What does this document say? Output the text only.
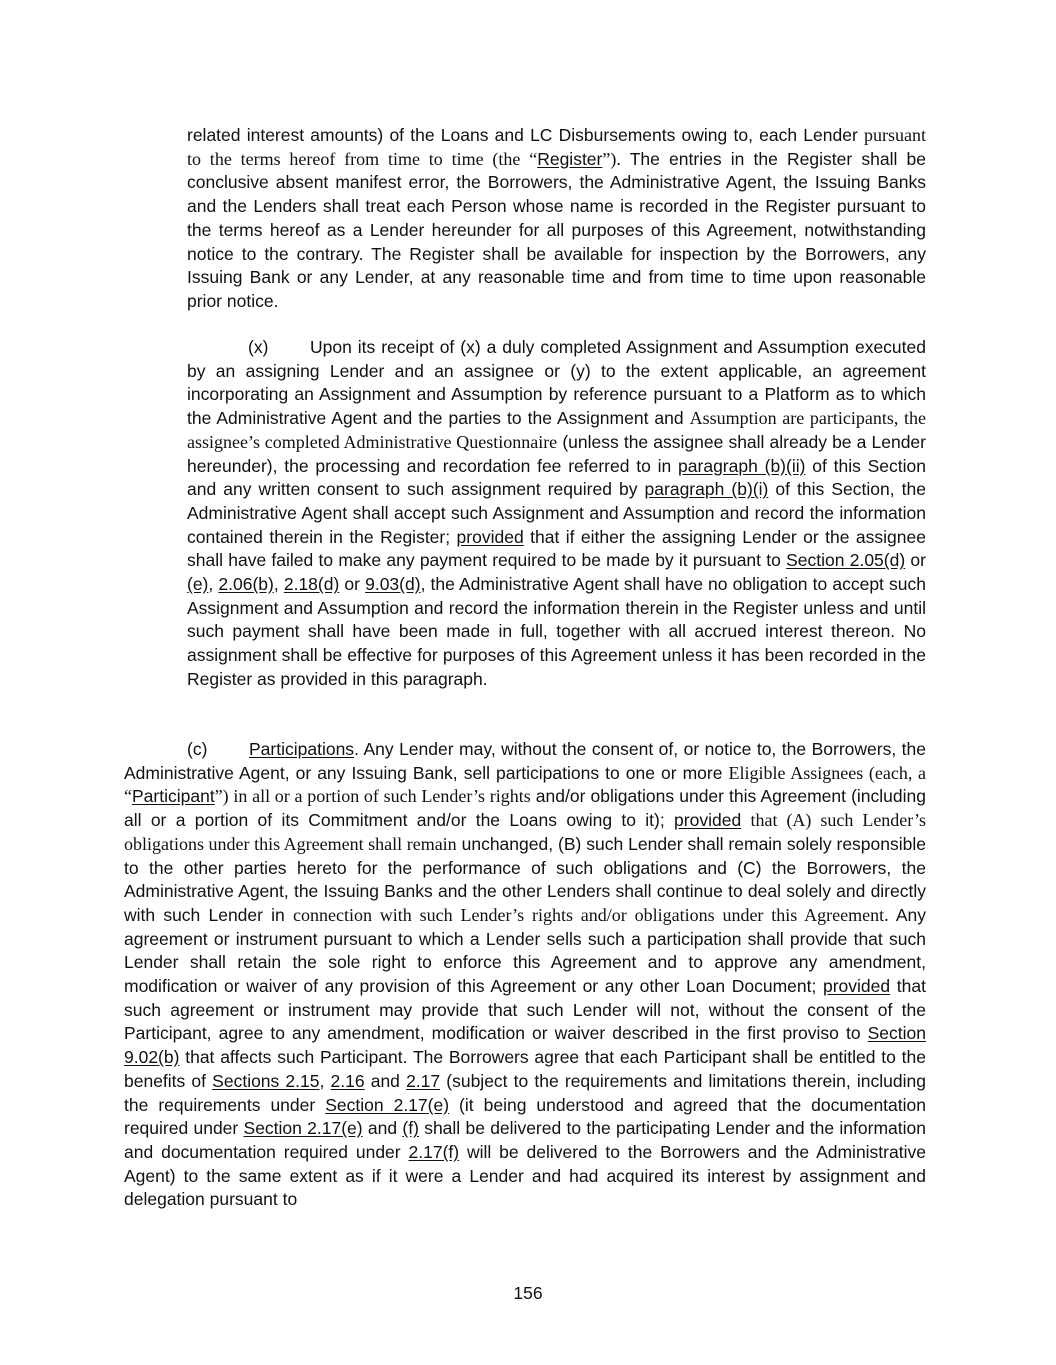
related interest amounts) of the Loans and LC Disbursements owing to, each Lender pursuant to the terms hereof from time to time (the “Register”). The entries in the Register shall be conclusive absent manifest error, the Borrowers, the Administrative Agent, the Issuing Banks and the Lenders shall treat each Person whose name is recorded in the Register pursuant to the terms hereof as a Lender hereunder for all purposes of this Agreement, notwithstanding notice to the contrary. The Register shall be available for inspection by the Borrowers, any Issuing Bank or any Lender, at any reasonable time and from time to time upon reasonable prior notice.

(x) Upon its receipt of (x) a duly completed Assignment and Assumption executed by an assigning Lender and an assignee or (y) to the extent applicable, an agreement incorporating an Assignment and Assumption by reference pursuant to a Platform as to which the Administrative Agent and the parties to the Assignment and Assumption are participants, the assignee’s completed Administrative Questionnaire (unless the assignee shall already be a Lender hereunder), the processing and recordation fee referred to in paragraph (b)(ii) of this Section and any written consent to such assignment required by paragraph (b)(i) of this Section, the Administrative Agent shall accept such Assignment and Assumption and record the information contained therein in the Register; provided that if either the assigning Lender or the assignee shall have failed to make any payment required to be made by it pursuant to Section 2.05(d) or (e), 2.06(b), 2.18(d) or 9.03(d), the Administrative Agent shall have no obligation to accept such Assignment and Assumption and record the information therein in the Register unless and until such payment shall have been made in full, together with all accrued interest thereon. No assignment shall be effective for purposes of this Agreement unless it has been recorded in the Register as provided in this paragraph.

(c) Participations. Any Lender may, without the consent of, or notice to, the Borrowers, the Administrative Agent, or any Issuing Bank, sell participations to one or more Eligible Assignees (each, a “Participant”) in all or a portion of such Lender’s rights and/or obligations under this Agreement (including all or a portion of its Commitment and/or the Loans owing to it); provided that (A) such Lender’s obligations under this Agreement shall remain unchanged, (B) such Lender shall remain solely responsible to the other parties hereto for the performance of such obligations and (C) the Borrowers, the Administrative Agent, the Issuing Banks and the other Lenders shall continue to deal solely and directly with such Lender in connection with such Lender’s rights and/or obligations under this Agreement. Any agreement or instrument pursuant to which a Lender sells such a participation shall provide that such Lender shall retain the sole right to enforce this Agreement and to approve any amendment, modification or waiver of any provision of this Agreement or any other Loan Document; provided that such agreement or instrument may provide that such Lender will not, without the consent of the Participant, agree to any amendment, modification or waiver described in the first proviso to Section 9.02(b) that affects such Participant. The Borrowers agree that each Participant shall be entitled to the benefits of Sections 2.15, 2.16 and 2.17 (subject to the requirements and limitations therein, including the requirements under Section 2.17(e) (it being understood and agreed that the documentation required under Section 2.17(e) and (f) shall be delivered to the participating Lender and the information and documentation required under 2.17(f) will be delivered to the Borrowers and the Administrative Agent) to the same extent as if it were a Lender and had acquired its interest by assignment and delegation pursuant to

156
